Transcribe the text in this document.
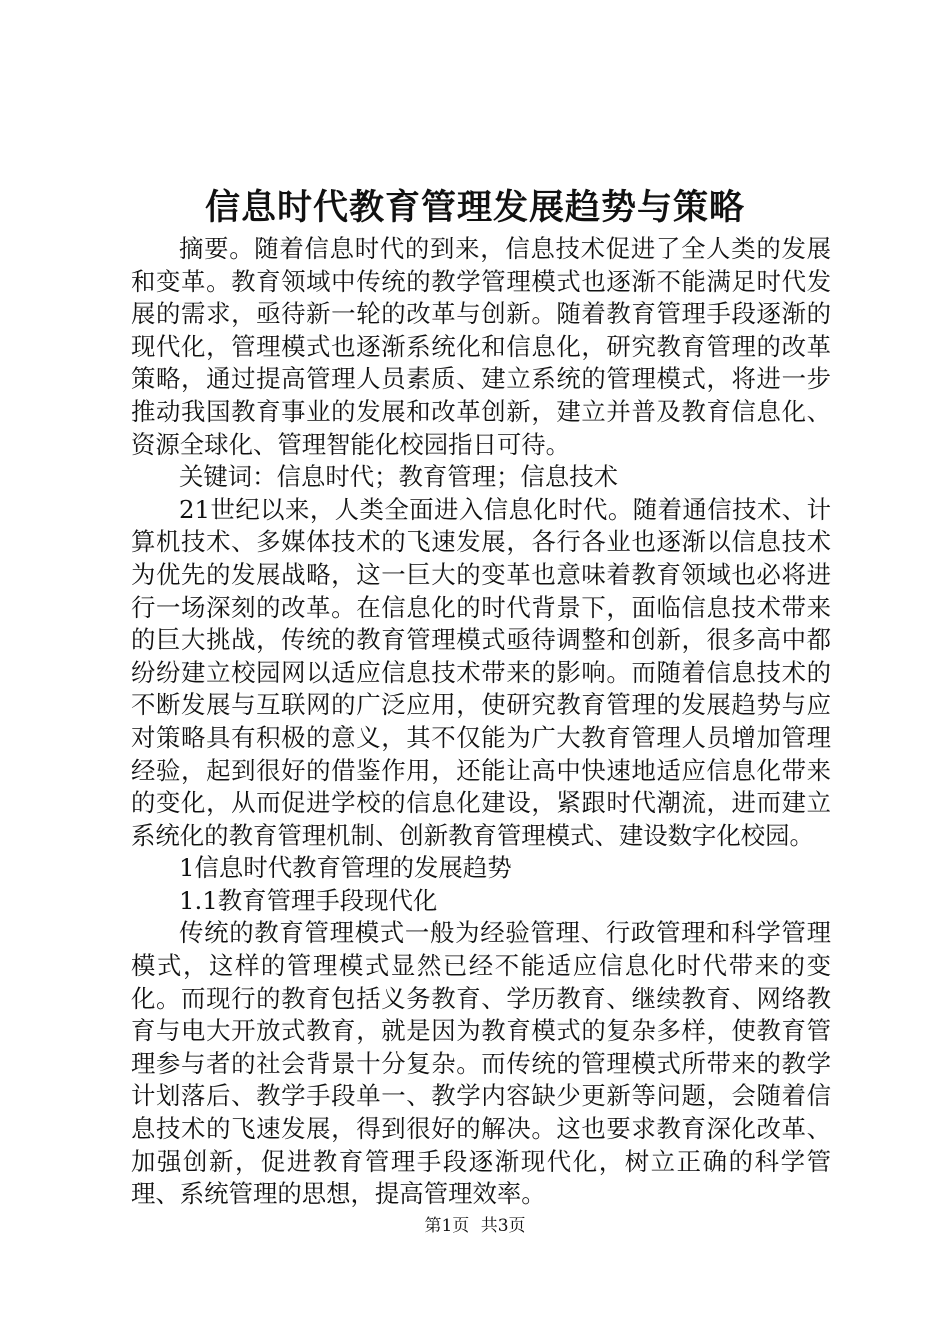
信息时代教育管理发展趋势与策略

摘要。随着信息时代的到来，信息技术促进了全人类的发展和变革。教育领域中传统的教学管理模式也逐渐不能满足时代发展的需求，亟待新一轮的改革与创新。随着教育管理手段逐渐的现代化，管理模式也逐渐系统化和信息化，研究教育管理的改革策略，通过提高管理人员素质、建立系统的管理模式，将进一步推动我国教育事业的发展和改革创新，建立并普及教育信息化、资源全球化、管理智能化校园指日可待。

关键词：信息时代；教育管理；信息技术

21世纪以来，人类全面进入信息化时代。随着通信技术、计算机技术、多媒体技术的飞速发展，各行各业也逐渐以信息技术为优先的发展战略，这一巨大的变革也意味着教育领域也必将进行一场深刻的改革。在信息化的时代背景下，面临信息技术带来的巨大挑战，传统的教育管理模式亟待调整和创新，很多高中都纷纷建立校园网以适应信息技术带来的影响。而随着信息技术的不断发展与互联网的广泛应用，使研究教育管理的发展趋势与应对策略具有积极的意义，其不仅能为广大教育管理人员增加管理经验，起到很好的借鉴作用，还能让高中快速地适应信息化带来的变化，从而促进学校的信息化建设，紧跟时代潮流，进而建立系统化的教育管理机制、创新教育管理模式、建设数字化校园。

1信息时代教育管理的发展趋势

1.1教育管理手段现代化

传统的教育管理模式一般为经验管理、行政管理和科学管理模式，这样的管理模式显然已经不能适应信息化时代带来的变化。而现行的教育包括义务教育、学历教育、继续教育、网络教育与电大开放式教育，就是因为教育模式的复杂多样，使教育管理参与者的社会背景十分复杂。而传统的管理模式所带来的教学计划落后、教学手段单一、教学内容缺少更新等问题，会随着信息技术的飞速发展，得到很好的解决。这也要求教育深化改革、加强创新，促进教育管理手段逐渐现代化，树立正确的科学管理、系统管理的思想，提高管理效率。

第1页 共3页
